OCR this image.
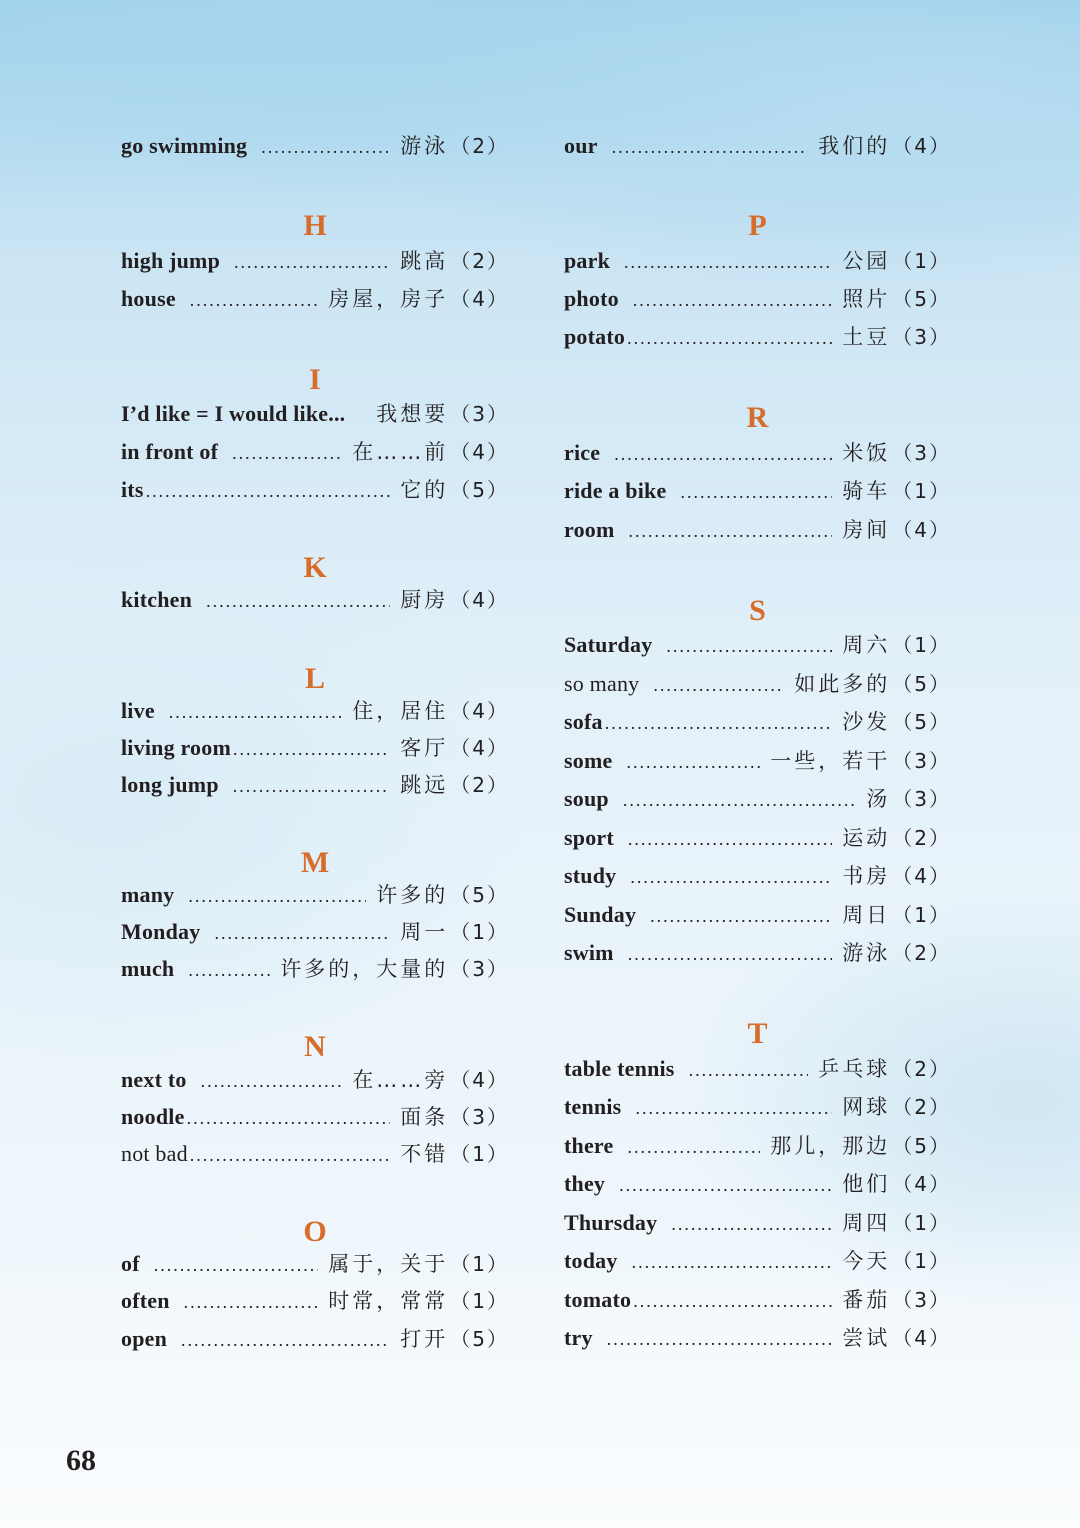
go swimming .....	游泳 （2）
H
high jump .....	跳高 （2）
house .....	房屋，房子 （4）
I
I’d like = I would like... 我想要 （3）
in front of .....	在……前 （4）
its .....	它的 （5）
K
kitchen .....	厨房 （4）
L
live .....	住，居住 （4）
living room .....	客厅 （4）
long jump .....	跳远 （2）
M
many .....	许多的 （5）
Monday .....	周一 （1）
much .....	许多的，大量的 （3）
N
next to .....	在……旁 （4）
noodle .....	面条 （3）
not bad .....	不错 （1）
O
of .....	属于，关于 （1）
often .....	时常，常常 （1）
open .....	打开 （5）
our .....	我们的 （4）
P
park .....	公园 （1）
photo .....	照片 （5）
potato .....	土豆 （3）
R
rice .....	米饭 （3）
ride a bike .....	骑车 （1）
room .....	房间 （4）
S
Saturday .....	周六 （1）
so many .....	如此多的 （5）
sofa .....	沙发 （5）
some .....	一些，若干 （3）
soup .....	汤 （3）
sport .....	运动 （2）
study .....	书房 （4）
Sunday .....	周日 （1）
swim .....	游泳 （2）
T
table tennis .....	乒乓球 （2）
tennis .....	网球 （2）
there .....	那儿，那边 （5）
they .....	他们 （4）
Thursday .....	周四 （1）
today .....	今天 （1）
tomato .....	番茄 （3）
try .....	尝试 （4）
68
